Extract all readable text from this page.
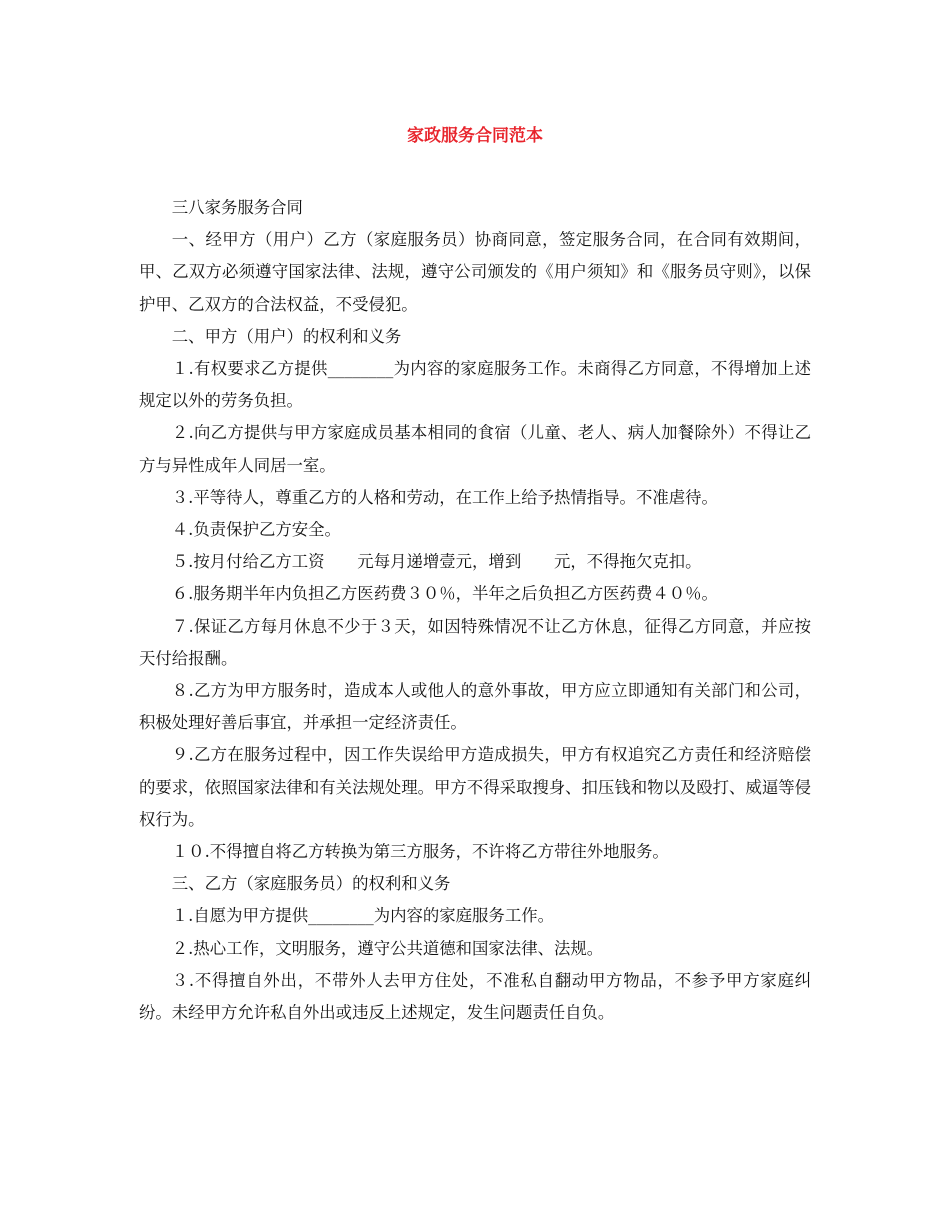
家政服务合同范本

三八家务服务合同

一、经甲方（用户）乙方（家庭服务员）协商同意，签定服务合同，在合同有效期间，甲、乙双方必须遵守国家法律、法规，遵守公司颁发的《用户须知》和《服务员守则》，以保护甲、乙双方的合法权益，不受侵犯。

二、甲方（用户）的权利和义务

１.有权要求乙方提供________为内容的家庭服务工作。未商得乙方同意，不得增加上述规定以外的劳务负担。

２.向乙方提供与甲方家庭成员基本相同的食宿（儿童、老人、病人加餐除外）不得让乙方与异性成年人同居一室。

３.平等待人，尊重乙方的人格和劳动，在工作上给予热情指导。不准虐待。

４.负责保护乙方安全。

５.按月付给乙方工资　　元每月递增壹元，增到　　元，不得拖欠克扣。

６.服务期半年内负担乙方医药费３０％，半年之后负担乙方医药费４０％。

７.保证乙方每月休息不少于３天，如因特殊情况不让乙方休息，征得乙方同意，并应按天付给报酬。

８.乙方为甲方服务时，造成本人或他人的意外事故，甲方应立即通知有关部门和公司，积极处理好善后事宜，并承担一定经济责任。

９.乙方在服务过程中，因工作失误给甲方造成损失，甲方有权追究乙方责任和经济赔偿的要求，依照国家法律和有关法规处理。甲方不得采取搜身、扣压钱和物以及殴打、威逼等侵权行为。

１０.不得擅自将乙方转换为第三方服务，不许将乙方带往外地服务。

三、乙方（家庭服务员）的权利和义务

１.自愿为甲方提供________为内容的家庭服务工作。

２.热心工作，文明服务，遵守公共道德和国家法律、法规。

３.不得擅自外出，不带外人去甲方住处，不准私自翻动甲方物品，不参予甲方家庭纠纷。未经甲方允许私自外出或违反上述规定，发生问题责任自负。
